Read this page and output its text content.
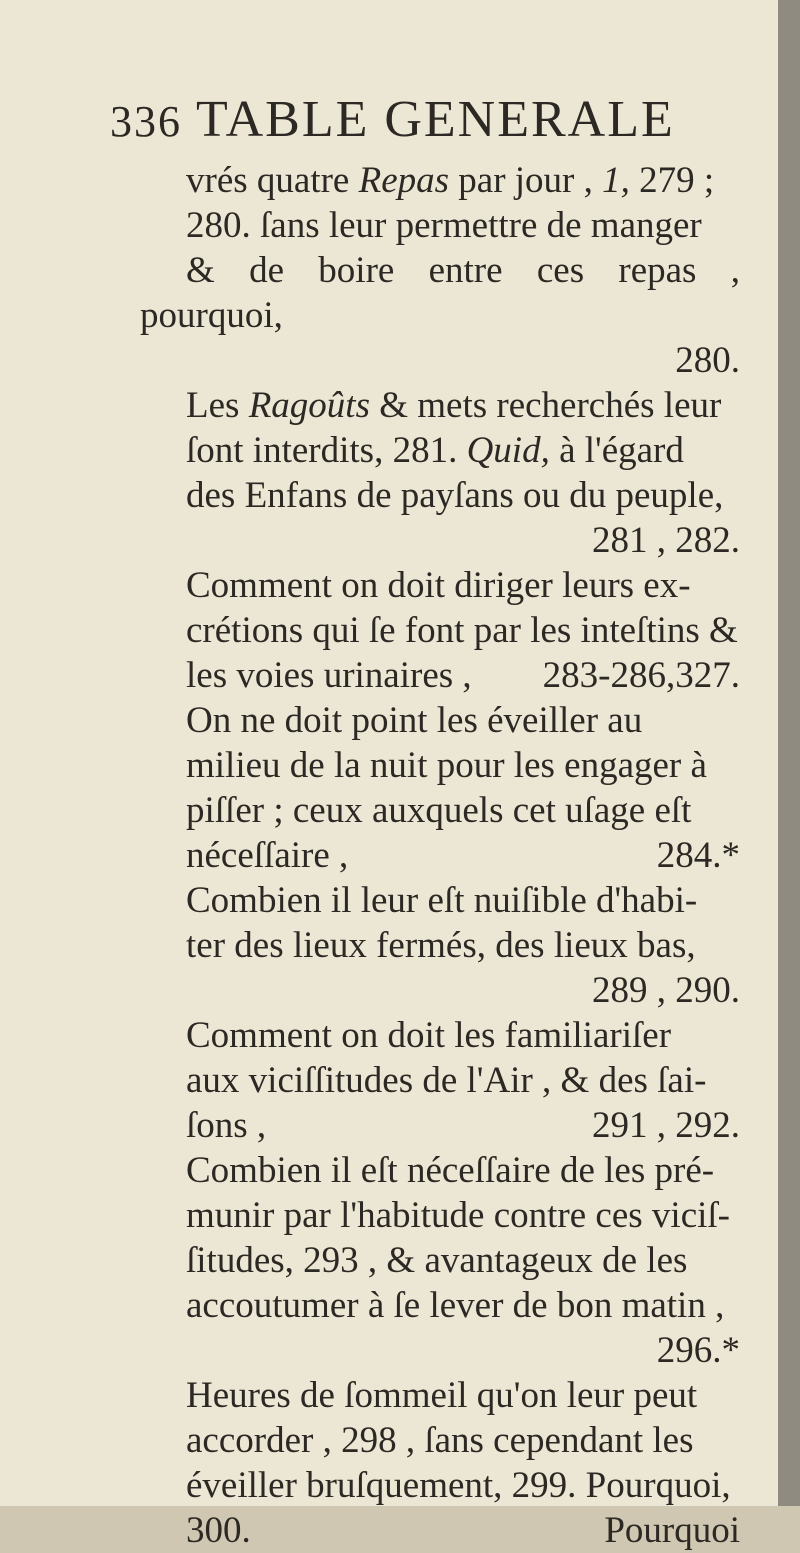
336 TABLE GENERALE

vrés quatre Repas par jour , 1, 279 ;
280. ſans leur permettre de manger
& de boire entre ces repas , pourquoi,
280.

Les Ragoûts & mets recherchés leur
ſont interdits, 281. Quid, à l'égard
des Enfans de payſans ou du peuple,
281 , 282.

Comment on doit diriger leurs ex-
crétions qui ſe font par les inteſtins &
les voies urinaires ,	283-286,327.

On ne doit point les éveiller au
milieu de la nuit pour les engager à
piſſer ; ceux auxquels cet uſage eſt
néceſſaire ,	284.*

Combien il leur eſt nuiſible d'habi-
ter des lieux fermés, des lieux bas,
289 , 290.

Comment on doit les familiariſer
aux viciſſitudes de l'Air , & des ſai-
ſons ,	291 , 292.

Combien il eſt néceſſaire de les pré-
munir par l'habitude contre ces viciſ-
ſitudes, 293 , & avantageux de les
accoutumer à ſe lever de bon matin ,
296.*

Heures de ſommeil qu'on leur peut
accorder , 298 , ſans cependant les
éveiller bruſquement, 299. Pourquoi,
300.	Pourquoi
